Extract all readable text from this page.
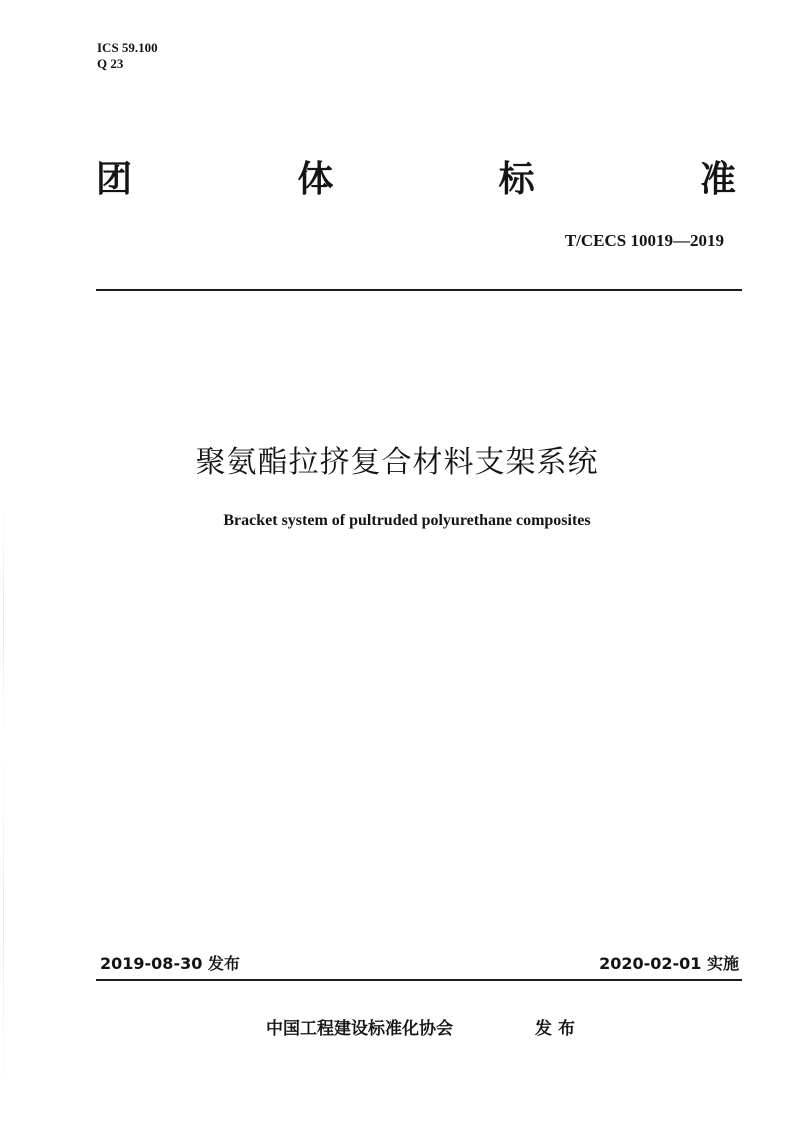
ICS 59.100
Q 23
团	体	标	准
T/CECS 10019—2019
聚氨酯拉挤复合材料支架系统
Bracket system of pultruded polyurethane composites
2019-08-30 发布	2020-02-01 实施
中国工程建设标准化协会	发布
